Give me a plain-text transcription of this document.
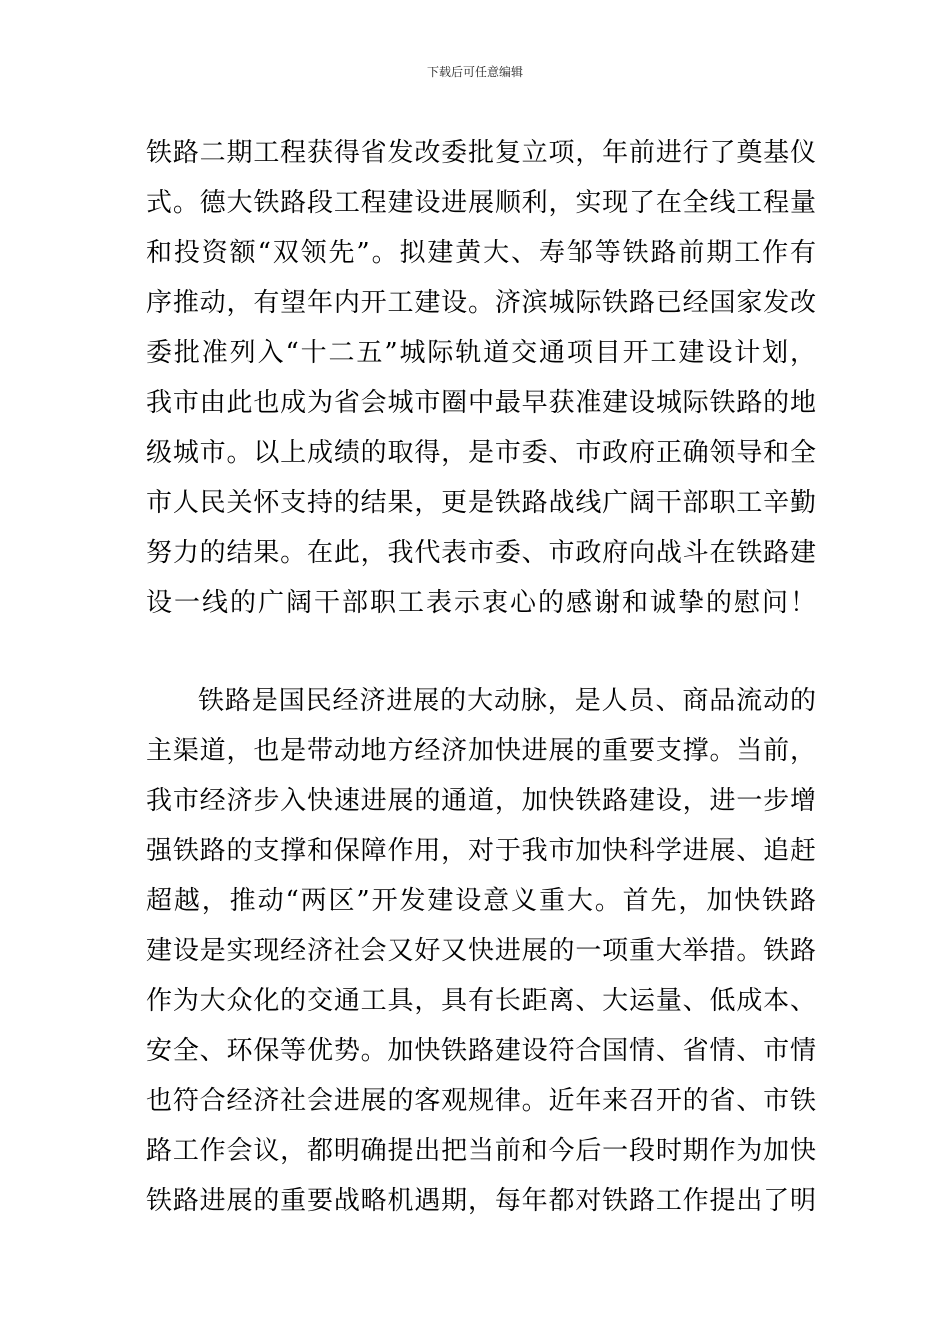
下载后可任意编辑
铁路二期工程获得省发改委批复立项，年前进行了奠基仪
式。德大铁路段工程建设进展顺利，实现了在全线工程量
和投资额“双领先”。拟建黄大、寿邹等铁路前期工作有
序推动，有望年内开工建设。济滨城际铁路已经国家发改
委批准列入“十二五”城际轨道交通项目开工建设计划，
我市由此也成为省会城市圈中最早获准建设城际铁路的地
级城市。以上成绩的取得，是市委、市政府正确领导和全
市人民关怀支持的结果，更是铁路战线广阔干部职工辛勤
努力的结果。在此，我代表市委、市政府向战斗在铁路建
设一线的广阔干部职工表示衷心的感谢和诚挚的慰问！
铁路是国民经济进展的大动脉，是人员、商品流动的
主渠道，也是带动地方经济加快进展的重要支撑。当前，
我市经济步入快速进展的通道，加快铁路建设，进一步增
强铁路的支撑和保障作用，对于我市加快科学进展、追赶
超越，推动“两区”开发建设意义重大。首先，加快铁路
建设是实现经济社会又好又快进展的一项重大举措。铁路
作为大众化的交通工具，具有长距离、大运量、低成本、
安全、环保等优势。加快铁路建设符合国情、省情、市情
也符合经济社会进展的客观规律。近年来召开的省、市铁
路工作会议，都明确提出把当前和今后一段时期作为加快
铁路进展的重要战略机遇期，每年都对铁路工作提出了明
